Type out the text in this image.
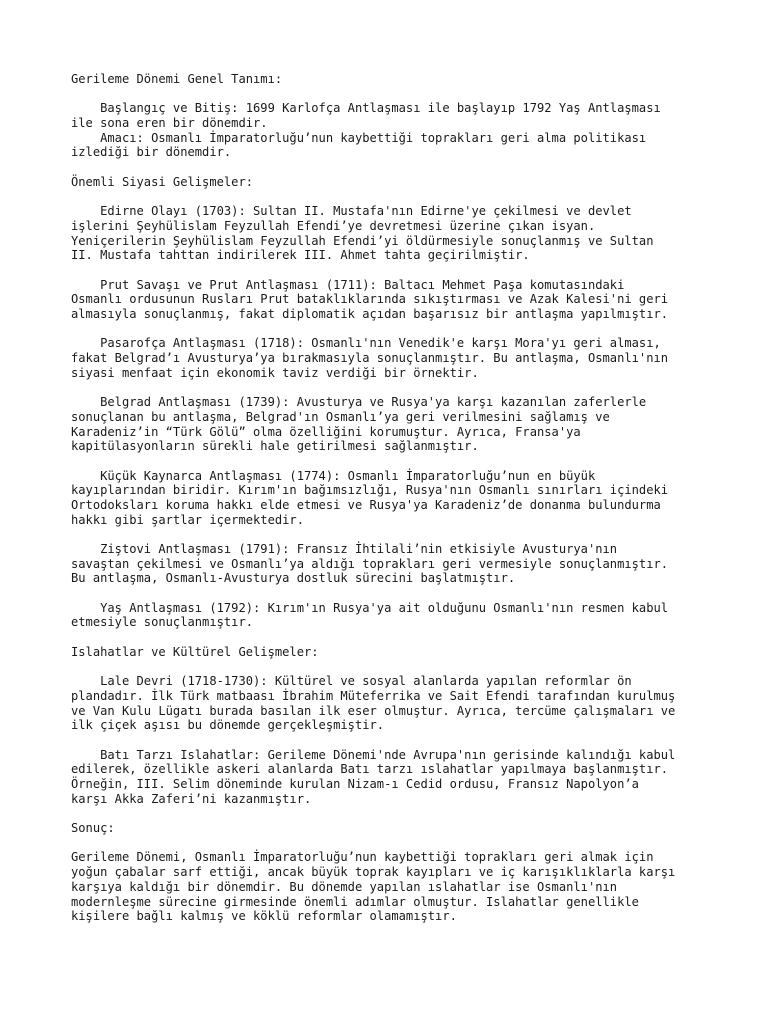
Gerileme Dönemi Genel Tanımı:
Başlangıç ve Bitiş: 1699 Karlofça Antlaşması ile başlayıp 1792 Yaş Antlaşması
ile sona eren bir dönemdir.
Amacı: Osmanlı İmparatorluğu’nun kaybettiği toprakları geri alma politikası
izlediği bir dönemdir.
Önemli Siyasi Gelişmeler:
Edirne Olayı (1703): Sultan II. Mustafa'nın Edirne'ye çekilmesi ve devlet
işlerini Şeyhülislam Feyzullah Efendi’ye devretmesi üzerine çıkan isyan.
Yeniçerilerin Şeyhülislam Feyzullah Efendi’yi öldürmesiyle sonuçlanmış ve Sultan
II. Mustafa tahttan indirilerek III. Ahmet tahta geçirilmiştir.
Prut Savaşı ve Prut Antlaşması (1711): Baltacı Mehmet Paşa komutasındaki
Osmanlı ordusunun Rusları Prut bataklıklarında sıkıştırması ve Azak Kalesi'ni geri
almasıyla sonuçlanmış, fakat diplomatik açıdan başarısız bir antlaşma yapılmıştır.
Pasarofça Antlaşması (1718): Osmanlı'nın Venedik'e karşı Mora'yı geri alması,
fakat Belgrad’ı Avusturya’ya bırakmasıyla sonuçlanmıştır. Bu antlaşma, Osmanlı'nın
siyasi menfaat için ekonomik taviz verdiği bir örnektir.
Belgrad Antlaşması (1739): Avusturya ve Rusya'ya karşı kazanılan zaferlerle
sonuçlanan bu antlaşma, Belgrad'ın Osmanlı’ya geri verilmesini sağlamış ve
Karadeniz’in “Türk Gölü” olma özelliğini korumuştur. Ayrıca, Fransa'ya
kapitülasyonların sürekli hale getirilmesi sağlanmıştır.
Küçük Kaynarca Antlaşması (1774): Osmanlı İmparatorluğu’nun en büyük
kayıplarından biridir. Kırım'ın bağımsızlığı, Rusya'nın Osmanlı sınırları içindeki
Ortodoksları koruma hakkı elde etmesi ve Rusya'ya Karadeniz’de donanma bulundurma
hakkı gibi şartlar içermektedir.
Ziştovi Antlaşması (1791): Fransız İhtilali’nin etkisiyle Avusturya'nın
savaştan çekilmesi ve Osmanlı’ya aldığı toprakları geri vermesiyle sonuçlanmıştır.
Bu antlaşma, Osmanlı-Avusturya dostluk sürecini başlatmıştır.
Yaş Antlaşması (1792): Kırım'ın Rusya'ya ait olduğunu Osmanlı'nın resmen kabul
etmesiyle sonuçlanmıştır.
Islahatlar ve Kültürel Gelişmeler:
Lale Devri (1718-1730): Kültürel ve sosyal alanlarda yapılan reformlar ön
plandadır. İlk Türk matbaası İbrahim Müteferrika ve Sait Efendi tarafından kurulmuş
ve Van Kulu Lügatı burada basılan ilk eser olmuştur. Ayrıca, tercüme çalışmaları ve
ilk çiçek aşısı bu dönemde gerçekleşmiştir.
Batı Tarzı Islahatlar: Gerileme Dönemi'nde Avrupa'nın gerisinde kalındığı kabul
edilerek, özellikle askeri alanlarda Batı tarzı ıslahatlar yapılmaya başlanmıştır.
Örneğin, III. Selim döneminde kurulan Nizam-ı Cedid ordusu, Fransız Napolyon’a
karşı Akka Zaferi’ni kazanmıştır.
Sonuç:
Gerileme Dönemi, Osmanlı İmparatorluğu’nun kaybettiği toprakları geri almak için
yoğun çabalar sarf ettiği, ancak büyük toprak kayıpları ve iç karışıklıklarla karşı
karşıya kaldığı bir dönemdir. Bu dönemde yapılan ıslahatlar ise Osmanlı'nın
modernleşme sürecine girmesinde önemli adımlar olmuştur. Islahatlar genellikle
kişilere bağlı kalmış ve köklü reformlar olamamıştır.
